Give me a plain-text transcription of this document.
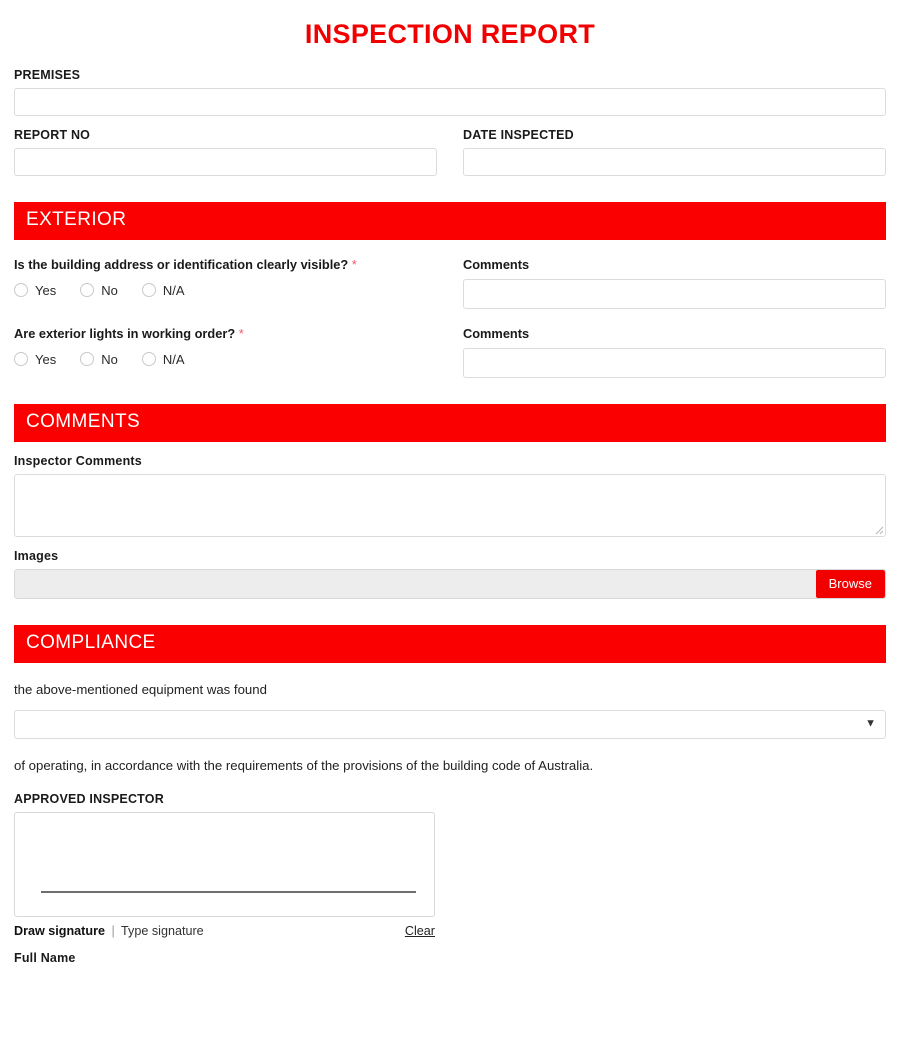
INSPECTION REPORT
PREMISES
REPORT NO	DATE INSPECTED
EXTERIOR
Is the building address or identification clearly visible? *
Yes	No	N/A
Comments
Are exterior lights in working order? *
Yes	No	N/A
Comments
COMMENTS
Inspector Comments
Images
Browse
COMPLIANCE
the above-mentioned equipment was found
▼
of operating, in accordance with the requirements of the provisions of the building code of Australia.
APPROVED INSPECTOR
Draw signature | Type signature	Clear
Full Name
